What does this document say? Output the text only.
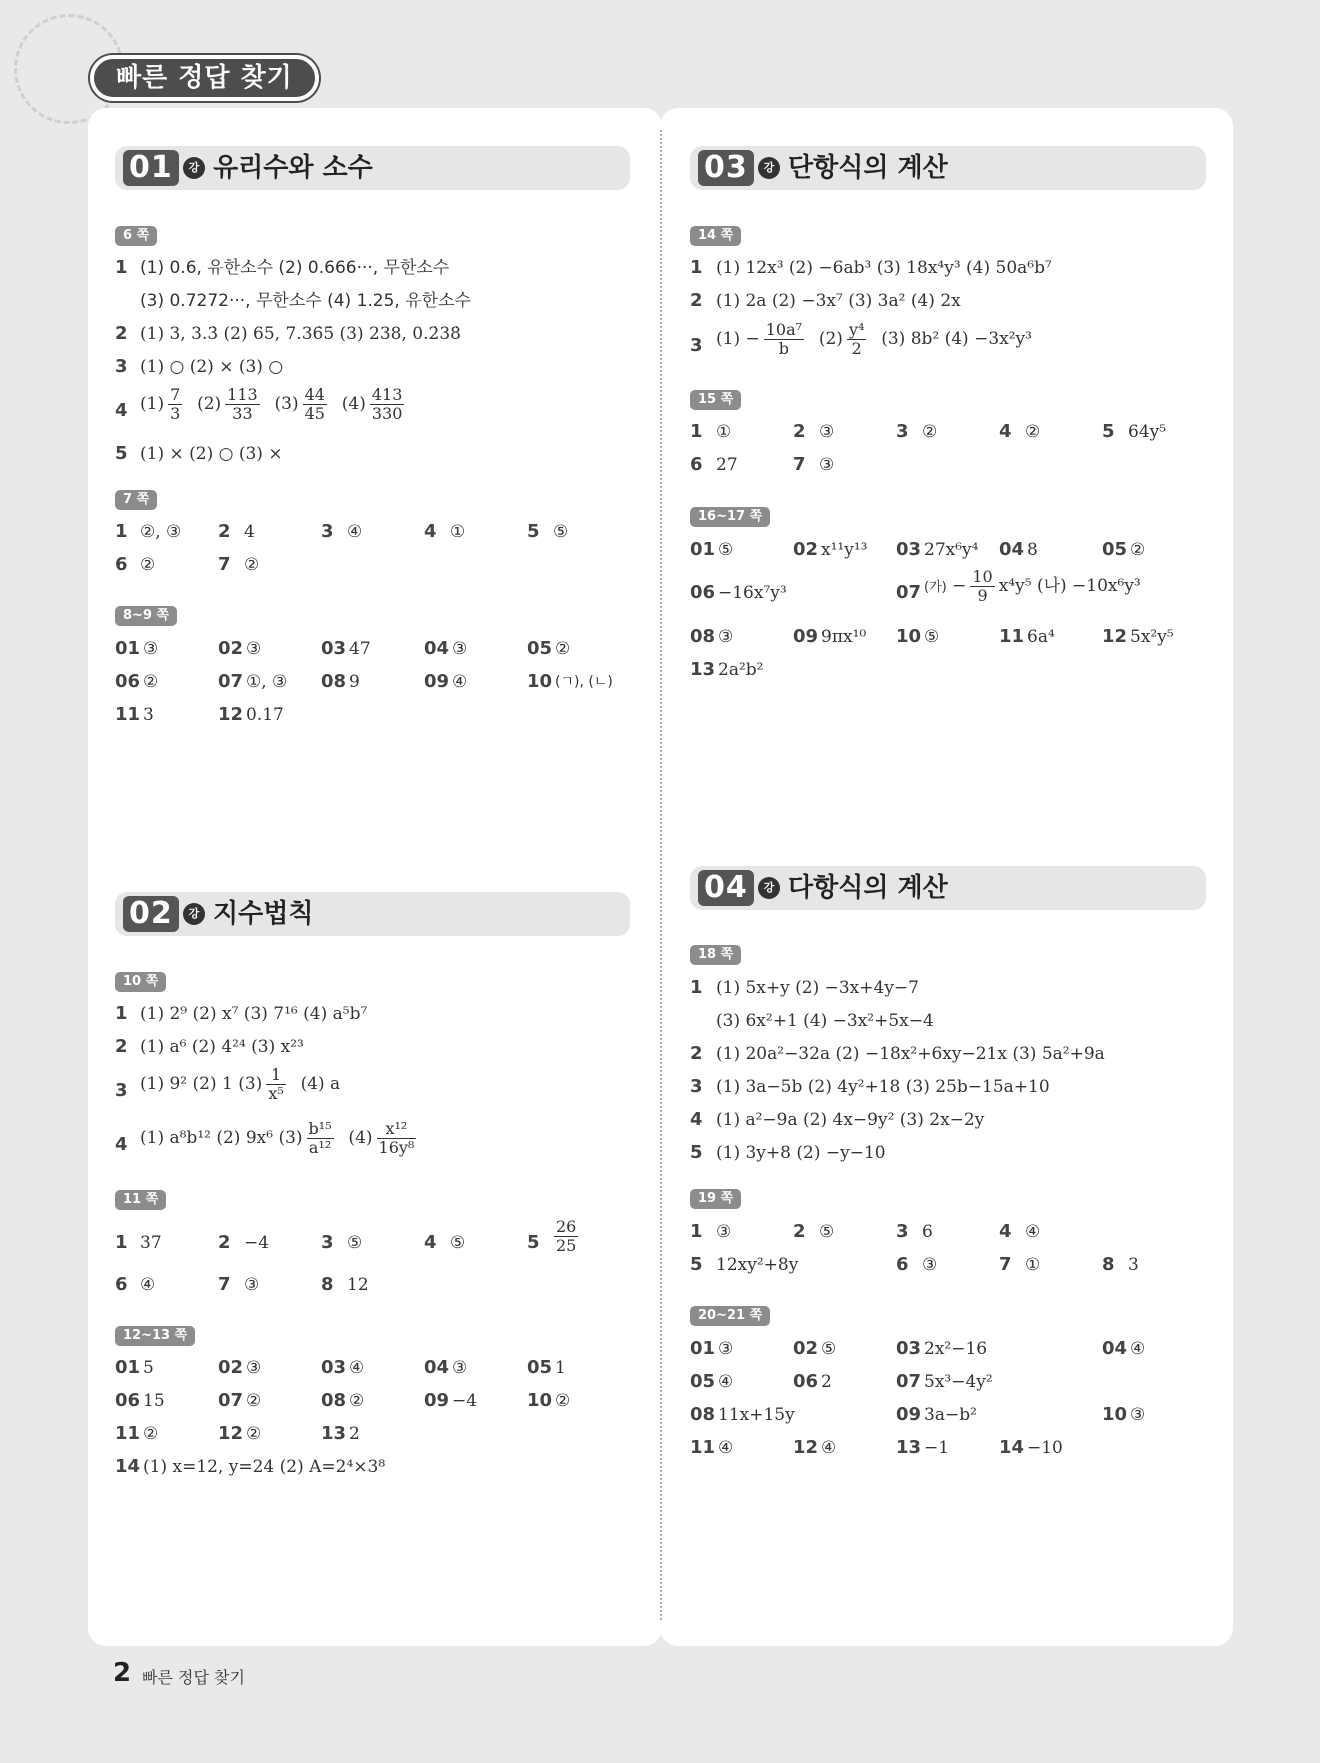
빠른 정답 찾기
01	강 유리수와 소수
6 쪽
1 (1) 0.6, 유한소수 (2) 0.666···, 무한소수
(3) 0.7272···, 무한소수 (4) 1.25, 유한소수
2 (1) 3, 3.3̇ (2) 65, 7.36̇5̇ (3) 238, 0.2̇38̇
3 (1) ○ (2) × (3) ○
4 $(1) \frac{7}{3} (2) \frac{113}{33} (3) \frac{44}{45} (4) \frac{413}{330}$
5 (1) × (2) ○ (3) ×
7 쪽
1 ②, ③ 2 4	3 ④	4 ①	5 ⑤
6 ②	7 ②
8~9 쪽
01 ③	02 ③	03 47	04 ③	05 ②
06 ②	07 ①, ③ 08 9	09 ④	10 (ㄱ), (ㄴ)
11 3	12 0.17̇
02	강 지수법칙
10 쪽
1 (1) 2⁹ (2) x⁷ (3) 7¹⁶ (4) a⁵b⁷
2 (1) a⁶ (2) 4²⁴ (3) x²³
3 (1) 9² (2) 1 $(3) \frac{1}{\text{x⁵}} (4)$ a
4 (1) a⁸b¹² (2) 9x⁶ $(3) \frac{\text{b¹⁵}}{\text{a¹²}} (4) \frac{\text{x¹²}}{\text{16y⁸}}$
11 쪽
1 37	2 −4	3 ⑤	4 ⑤	$5 \frac{26}{25}$
6 ④	7 ③	8 12
12~13 쪽
01 5	02 ③	03 ④	04 ③	05 1
06 15	07 ②	08 ②	09 −4	10 ②
11 ②	12 ②	13 2
14 (1) x=12, y=24 (2) A=2⁴×3⁸
03	강 단항식의 계산
14 쪽
1 (1) 12x³ (2) −6ab³ (3) 18x⁴y³ (4) 50a⁶b⁷
2 (1) 2a (2) −3x⁷ (3) 3a² (4) 2x
3 $(1) - \frac{\text{10a⁷}}{b} (2) \frac{\text{y⁴}}{2} (3)$ 8b² (4) −3x²y³
15 쪽
1 ①	2 ③	3 ②	4 ②	5 64y⁵
6 27	7 ③
16~17 쪽
01 ⑤	02 x¹¹y¹³ 03 27x⁶y⁴ 04 8	05 ②
06 −16x⁷y³	07 (가) − $\frac{10}{9} x^4y^5$ (나) −10x⁶y³
08 ③	09 9πx¹⁰ 10 ⑤	11 6a⁴	12 5x²y⁵
13 2a²b²
04	강 다항식의 계산
18 쪽
1 (1) 5x+y (2) −3x+4y−7
(3) 6x²+1 (4) −3x²+5x−4
2 (1) 20a²−32a (2) −18x²+6xy−21x (3) 5a²+9a
3 (1) 3a−5b (2) 4y²+18 (3) 25b−15a+10
4 (1) a²−9a (2) 4x−9y² (3) 2x−2y
5 (1) 3y+8 (2) −y−10
19 쪽
1 ③	2 ⑤	3 6	4 ④
5 12xy²+8y	6 ③	7 ①	8 3
20~21 쪽
01 ③	02 ⑤	03 2x²−16	04 ④
05 ④	06 2	07 5x³−4y²
08 11x+15y	09 3a−b²	10 ③
11 ④	12 ④	13 −1	14 −10
2 빠른 정답 찾기
